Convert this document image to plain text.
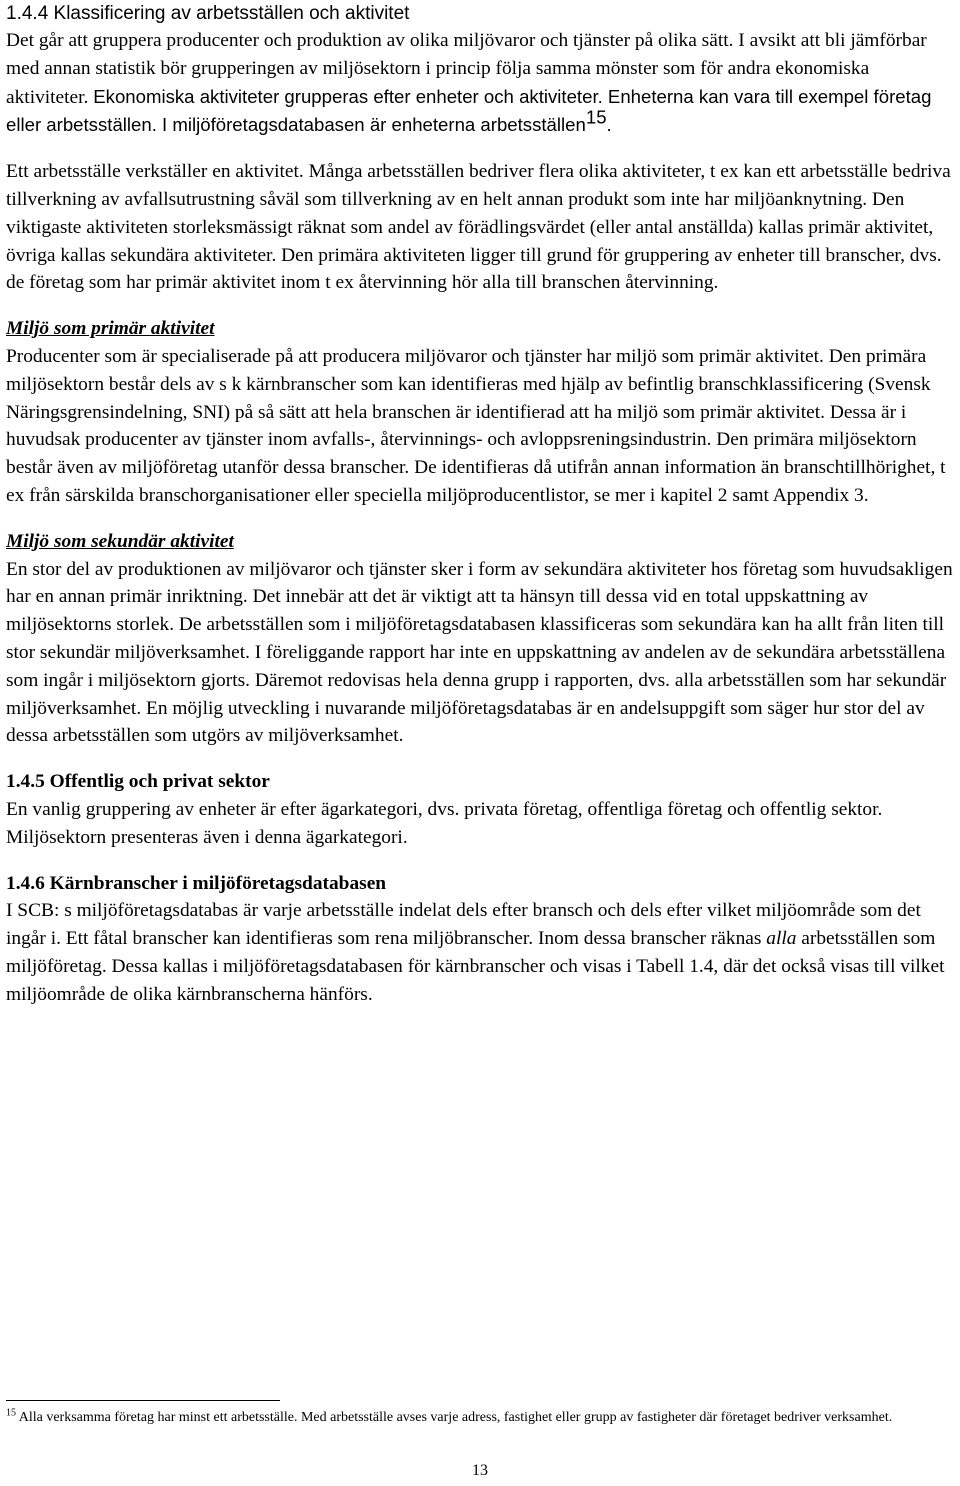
1.4.4 Klassificering av arbetsställen och aktivitet

Det går att gruppera producenter och produktion av olika miljövaror och tjänster på olika sätt. I avsikt att bli jämförbar med annan statistik bör grupperingen av miljösektorn i princip följa samma mönster som för andra ekonomiska aktiviteter. Ekonomiska aktiviteter grupperas efter enheter och aktiviteter. Enheterna kan vara till exempel företag eller arbetsställen. I miljöföretagsdatabasen är enheterna arbetsställen$^{15}$.

Ett arbetsställe verkställer en aktivitet. Många arbetsställen bedriver flera olika aktiviteter, t ex kan ett arbetsställe bedriva tillverkning av avfallsutrustning såväl som tillverkning av en helt annan produkt som inte har miljöanknytning. Den viktigaste aktiviteten storleksmässigt räknat som andel av förädlingsvärdet (eller antal anställda) kallas primär aktivitet, övriga kallas sekundära aktiviteter. Den primära aktiviteten ligger till grund för gruppering av enheter till branscher, dvs. de företag som har primär aktivitet inom t ex återvinning hör alla till branschen återvinning.

Miljö som primär aktivitet

Producenter som är specialiserade på att producera miljövaror och tjänster har miljö som primär aktivitet. Den primära miljösektorn består dels av s k kärnbranscher som kan identifieras med hjälp av befintlig branschklassificering (Svensk Näringsgrensindelning, SNI) på så sätt att hela branschen är identifierad att ha miljö som primär aktivitet. Dessa är i huvudsak producenter av tjänster inom avfalls-, återvinnings- och avloppsreningsindustrin. Den primära miljösektorn består även av miljöföretag utanför dessa branscher. De identifieras då utifrån annan information än branschtillhörighet, t ex från särskilda branschorganisationer eller speciella miljöproducentlistor, se mer i kapitel 2 samt Appendix 3.

Miljö som sekundär aktivitet

En stor del av produktionen av miljövaror och tjänster sker i form av sekundära aktiviteter hos företag som huvudsakligen har en annan primär inriktning. Det innebär att det är viktigt att ta hänsyn till dessa vid en total uppskattning av miljösektorns storlek. De arbetsställen som i miljöföretagsdatabasen klassificeras som sekundära kan ha allt från liten till stor sekundär miljöverksamhet. I föreliggande rapport har inte en uppskattning av andelen av de sekundära arbetsställena som ingår i miljösektorn gjorts. Däremot redovisas hela denna grupp i rapporten, dvs. alla arbetsställen som har sekundär miljöverksamhet. En möjlig utveckling i nuvarande miljöföretagsdatabas är en andelsuppgift som säger hur stor del av dessa arbetsställen som utgörs av miljöverksamhet.

1.4.5 Offentlig och privat sektor

En vanlig gruppering av enheter är efter ägarkategori, dvs. privata företag, offentliga företag och offentlig sektor. Miljösektorn presenteras även i denna ägarkategori.

1.4.6 Kärnbranscher i miljöföretagsdatabasen

I SCB: s miljöföretagsdatabas är varje arbetsställe indelat dels efter bransch och dels efter vilket miljöområde som det ingår i. Ett fåtal branscher kan identifieras som rena miljöbranscher. Inom dessa branscher räknas alla arbetsställen som miljöföretag. Dessa kallas i miljöföretagsdatabasen för kärnbranscher och visas i Tabell 1.4, där det också visas till vilket miljöområde de olika kärnbranscherna hänförs.

$^{15}$ Alla verksamma företag har minst ett arbetsställe. Med arbetsställe avses varje adress, fastighet eller grupp av fastigheter där företaget bedriver verksamhet.
13
